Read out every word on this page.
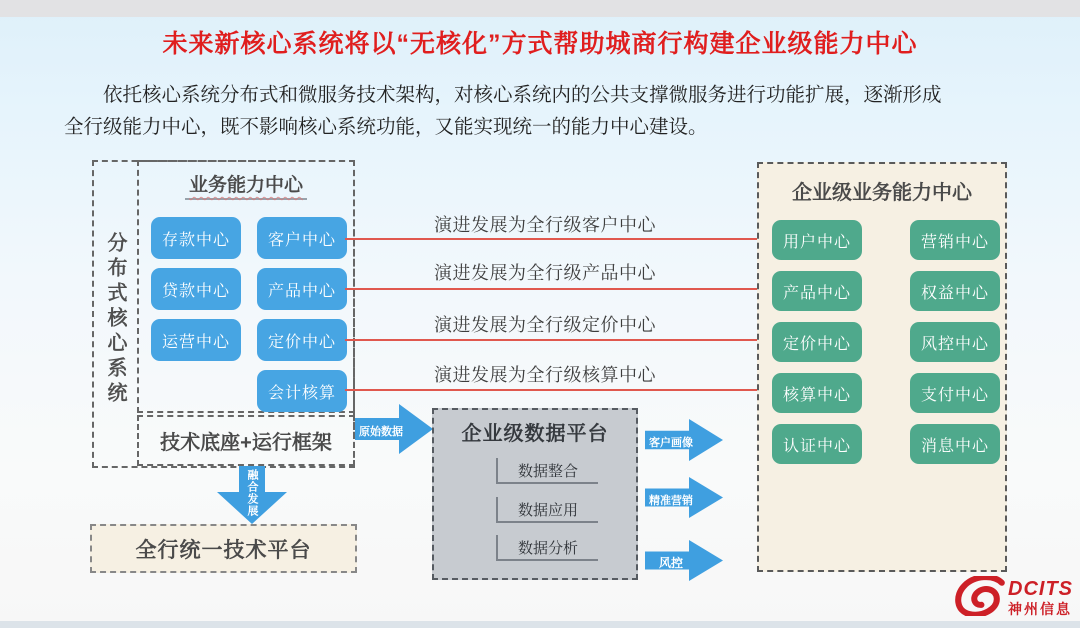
未来新核心系统将以“无核化”方式帮助城商行构建企业级能力中心
依托核心系统分布式和微服务技术架构，对核心系统内的公共支撑微服务进行功能扩展，逐渐形成
全行级能力中心，既不影响核心系统功能，又能实现统一的能力中心建设。
分布式核心系统
业务能力中心
存款中心	客户中心
贷款中心	产品中心
运营中心	定价中心
会计核算
技术底座+运行框架
融合发展
全行统一技术平台
演进发展为全行级客户中心
演进发展为全行级产品中心
演进发展为全行级定价中心
演进发展为全行级核算中心
原始数据	企业级数据平台
数据整合
数据应用
数据分析
客户画像
精准营销
风控
企业级业务能力中心
用户中心	营销中心
产品中心	权益中心
定价中心	风控中心
核算中心	支付中心
认证中心	消息中心
DCITS
神州信息
